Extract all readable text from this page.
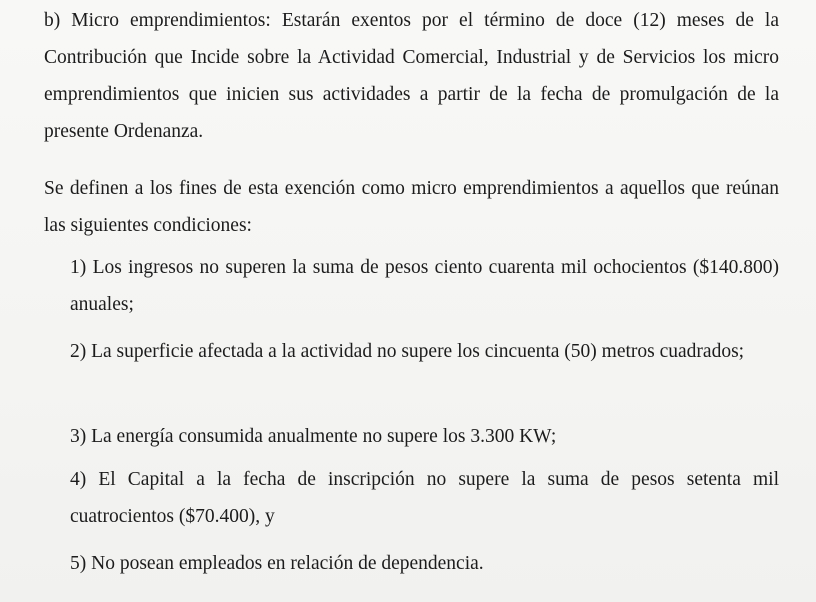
b) Micro emprendimientos: Estarán exentos por el término de doce (12) meses de la Contribución que Incide sobre la Actividad Comercial, Industrial y de Servicios los micro emprendimientos que inicien sus actividades a partir de la fecha de promulgación de la presente Ordenanza.

Se definen a los fines de esta exención como micro emprendimientos a aquellos que reúnan las siguientes condiciones:

1) Los ingresos no superen la suma de pesos ciento cuarenta mil ochocientos ($140.800) anuales;

2) La superficie afectada a la actividad no supere los cincuenta (50) metros cuadrados;

3) La energía consumida anualmente no supere los 3.300 KW;

4) El Capital a la fecha de inscripción no supere la suma de pesos setenta mil cuatrocientos ($70.400), y

5) No posean empleados en relación de dependencia.
